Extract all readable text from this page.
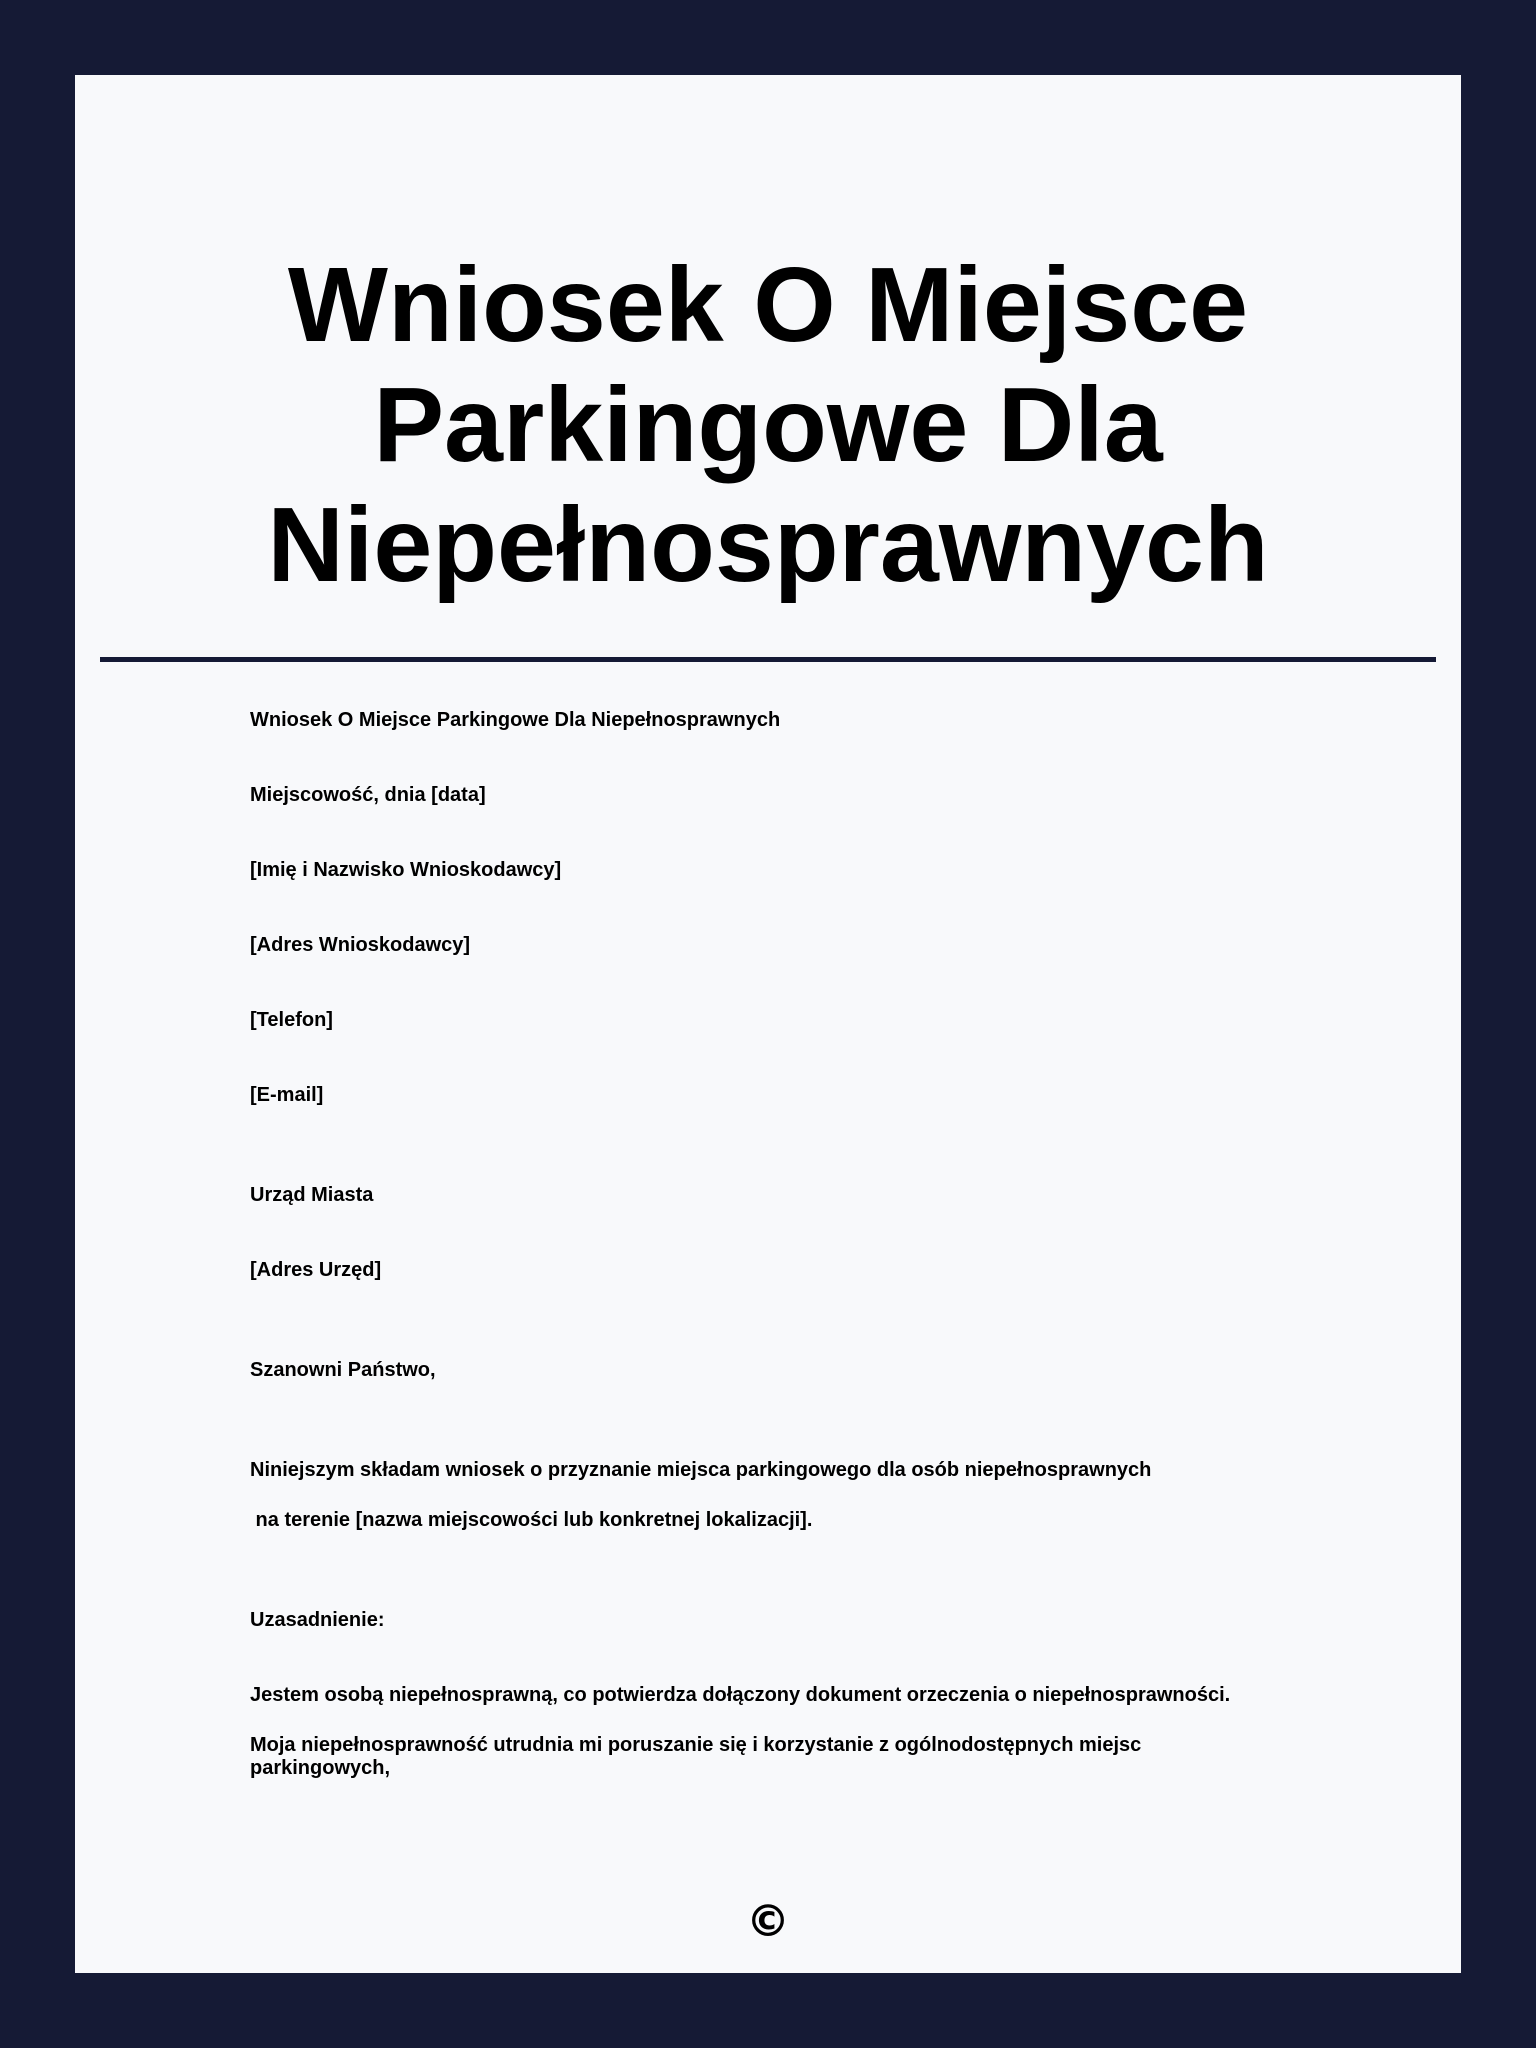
Wniosek O Miejsce Parkingowe Dla Niepełnosprawnych

Wniosek O Miejsce Parkingowe Dla Niepełnosprawnych

Miejscowość, dnia [data]

[Imię i Nazwisko Wnioskodawcy]

[Adres Wnioskodawcy]

[Telefon]

[E-mail]

Urząd Miasta

[Adres Urzęd]

Szanowni Państwo,

Niniejszym składam wniosek o przyznanie miejsca parkingowego dla osób niepełnosprawnych

na terenie [nazwa miejscowości lub konkretnej lokalizacji].

Uzasadnienie:

Jestem osobą niepełnosprawną, co potwierdza dołączony dokument orzeczenia o niepełnosprawności.

Moja niepełnosprawność utrudnia mi poruszanie się i korzystanie z ogólnodostępnych miejsc parkingowych,

©
